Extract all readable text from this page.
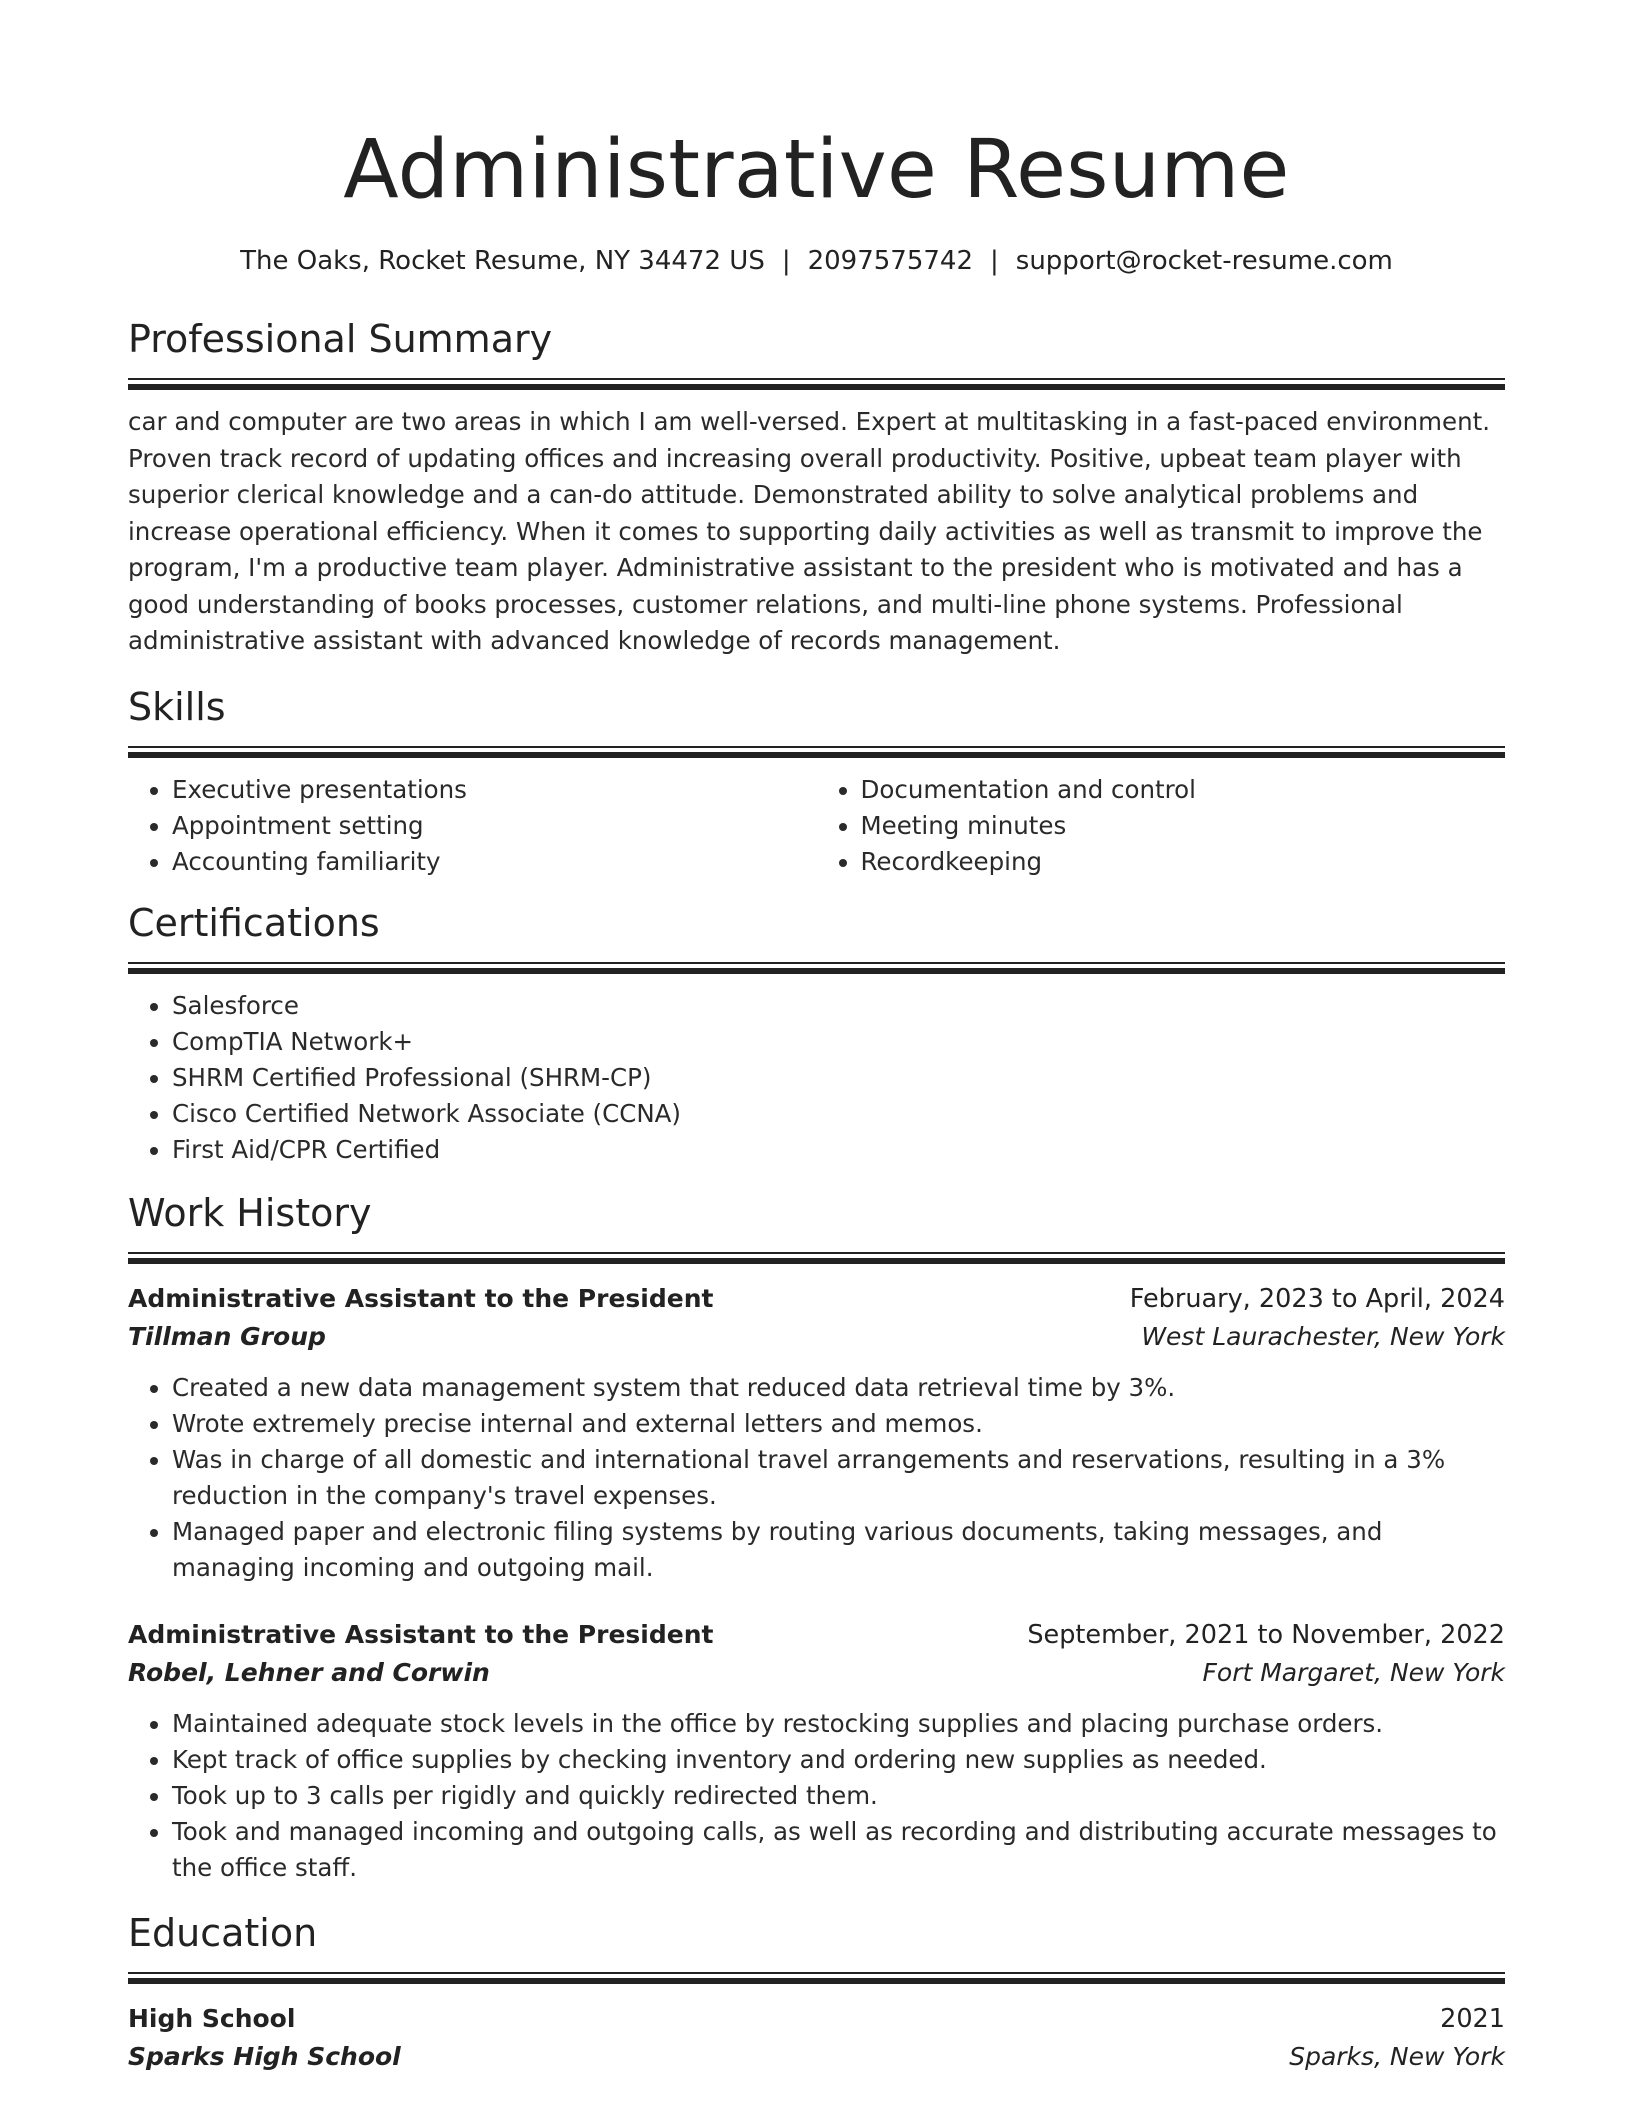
Administrative Resume
The Oaks, Rocket Resume, NY 34472 US | 2097575742 | support@rocket-resume.com
Professional Summary

car and computer are two areas in which I am well-versed. Expert at multitasking in a fast-paced environment. Proven track record of updating offices and increasing overall productivity. Positive, upbeat team player with superior clerical knowledge and a can-do attitude. Demonstrated ability to solve analytical problems and increase operational efficiency. When it comes to supporting daily activities as well as transmit to improve the program, I'm a productive team player. Administrative assistant to the president who is motivated and has a good understanding of books processes, customer relations, and multi-line phone systems. Professional administrative assistant with advanced knowledge of records management.

Skills
• Executive presentations
• Appointment setting
• Accounting familiarity
• Documentation and control
• Meeting minutes
• Recordkeeping
Certifications
• Salesforce
• CompTIA Network+
• SHRM Certified Professional (SHRM-CP)
• Cisco Certified Network Associate (CCNA)
• First Aid/CPR Certified
Work History
Administrative Assistant to the President	February, 2023 to April, 2024
Tillman Group	West Laurachester, New York
• Created a new data management system that reduced data retrieval time by 3%.
• Wrote extremely precise internal and external letters and memos.
• Was in charge of all domestic and international travel arrangements and reservations, resulting in a 3% reduction in the company's travel expenses.
• Managed paper and electronic filing systems by routing various documents, taking messages, and managing incoming and outgoing mail.
Administrative Assistant to the President	September, 2021 to November, 2022
Robel, Lehner and Corwin	Fort Margaret, New York
• Maintained adequate stock levels in the office by restocking supplies and placing purchase orders.
• Kept track of office supplies by checking inventory and ordering new supplies as needed.
• Took up to 3 calls per rigidly and quickly redirected them.
• Took and managed incoming and outgoing calls, as well as recording and distributing accurate messages to the office staff.
Education
High School	2021
Sparks High School	Sparks, New York
